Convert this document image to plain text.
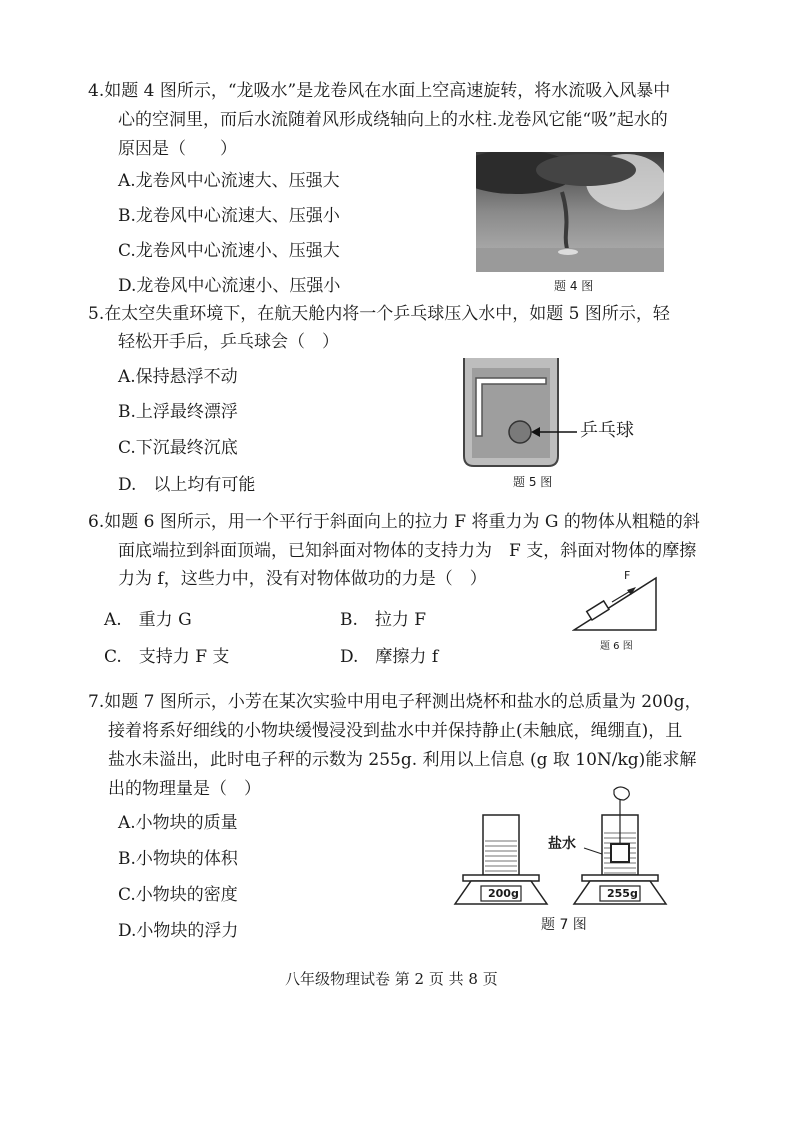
4.如题 4 图所示，“龙吸水”是龙卷风在水面上空高速旋转，将水流吸入风暴中
心的空洞里，而后水流随着风形成绕轴向上的水柱.龙卷风它能“吸”起水的
原因是（　　）
A.龙卷风中心流速大、压强大
B.龙卷风中心流速大、压强小
C.龙卷风中心流速小、压强大
D.龙卷风中心流速小、压强小	题 4 图
5.在太空失重环境下，在航天舱内将一个乒乓球压入水中，如题 5 图所示，轻
轻松开手后，乒乓球会（　）
A.保持悬浮不动
B.上浮最终漂浮
C.下沉最终沉底
D.　以上均有可能
乒乓球
题 5 图
6.如题 6 图所示，用一个平行于斜面向上的拉力 F 将重力为 G 的物体从粗糙的斜
面底端拉到斜面顶端，已知斜面对物体的支持力为　F 支，斜面对物体的摩擦
力为 f，这些力中，没有对物体做功的力是（　）
A.　重力 G	B.　拉力 F
C.　支持力 F 支	D.　摩擦力 f
F
题 6 图
7.如题 7 图所示，小芳在某次实验中用电子秤测出烧杯和盐水的总质量为 200g，
接着将系好细线的小物块缓慢浸没到盐水中并保持静止(未触底，绳绷直)，且
盐水未溢出，此时电子秤的示数为 255g. 利用以上信息 (g 取 10N/kg)能求解
出的物理量是（　）
A.小物块的质量
B.小物块的体积
C.小物块的密度
D.小物块的浮力
盐水
200g	255g
题 7 图
八年级物理试卷 第 2 页 共 8 页
